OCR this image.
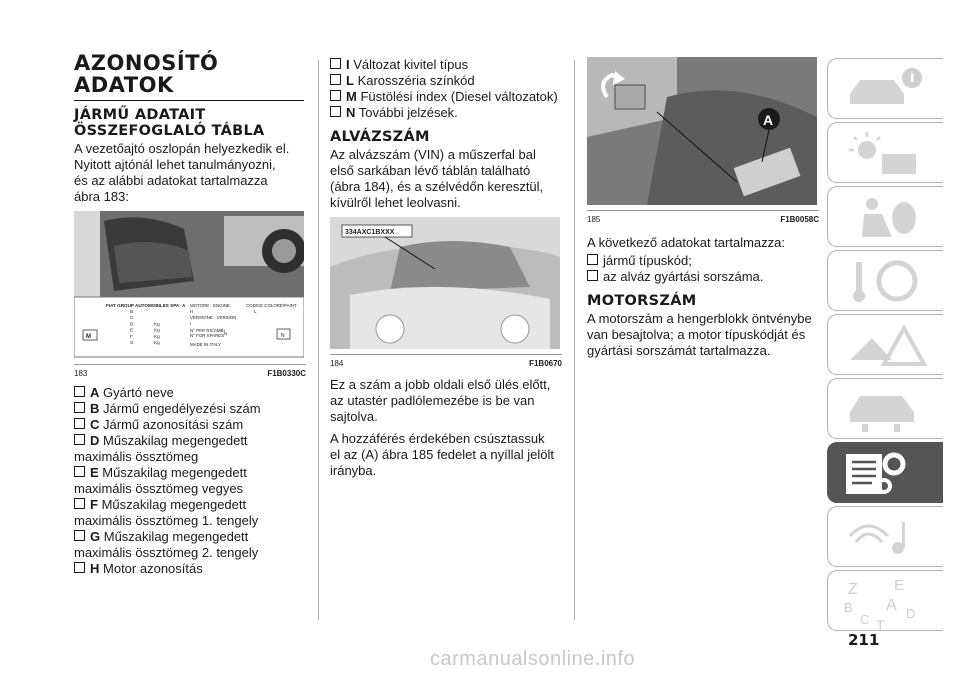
AZONOSÍTÓ
ADATOK
JÁRMŰ ADATAIT
ÖSSZEFOGLALÓ TÁBLA
A vezetőajtó oszlopán helyezkedik el.
Nyitott ajtónál lehet tanulmányozni,
és az alábbi adatokat tartalmazza
ábra 183:
FIAT GROUP AUTOMOBILES SPA A MOTORE - ENGINE	CODICE COLORE/PAINT
H	L
VERSIONE - VERSION
I
N° PER RICAMBI
N° FOR SPARES N
MADE IN ITALY
M	N
B
C
D	Kg
E	Kg
F	Kg
G	Kg
183	F1B0330C
A Gyártó neve
B Jármű engedélyezési szám
C Jármű azonosítási szám
D Műszakilag megengedett
maximális össztömeg
E Műszakilag megengedett
maximális össztömeg vegyes
F Műszakilag megengedett
maximális össztömeg 1. tengely
G Műszakilag megengedett
maximális össztömeg 2. tengely
H Motor azonosítás
I Változat kivitel típus
L Karosszéria színkód
M Füstölési index (Diesel változatok)
N További jelzések.
ALVÁZSZÁM
Az alvázszám (VIN) a műszerfal bal
első sarkában lévő táblán található
(ábra 184), és a szélvédőn keresztül,
kívülről lehet leolvasni.
334AXC1BXXX
184	F1B0670
Ez a szám a jobb oldali első ülés előtt,
az utastér padlólemezébe is be van
sajtolva.
A hozzáférés érdekében csúsztassuk
el az (A) ábra 185 fedelet a nyíllal jelölt
irányba.
A
185	F1B0058C
A következő adatokat tartalmazza:
jármű típuskód;
az alváz gyártási sorszáma.
MOTORSZÁM
A motorszám a hengerblokk öntvénybe
van besajtolva; a motor típuskódját és
gyártási sorszámát tartalmazza.
Z E
B A
C T
D
211
carmanualsonline.info
